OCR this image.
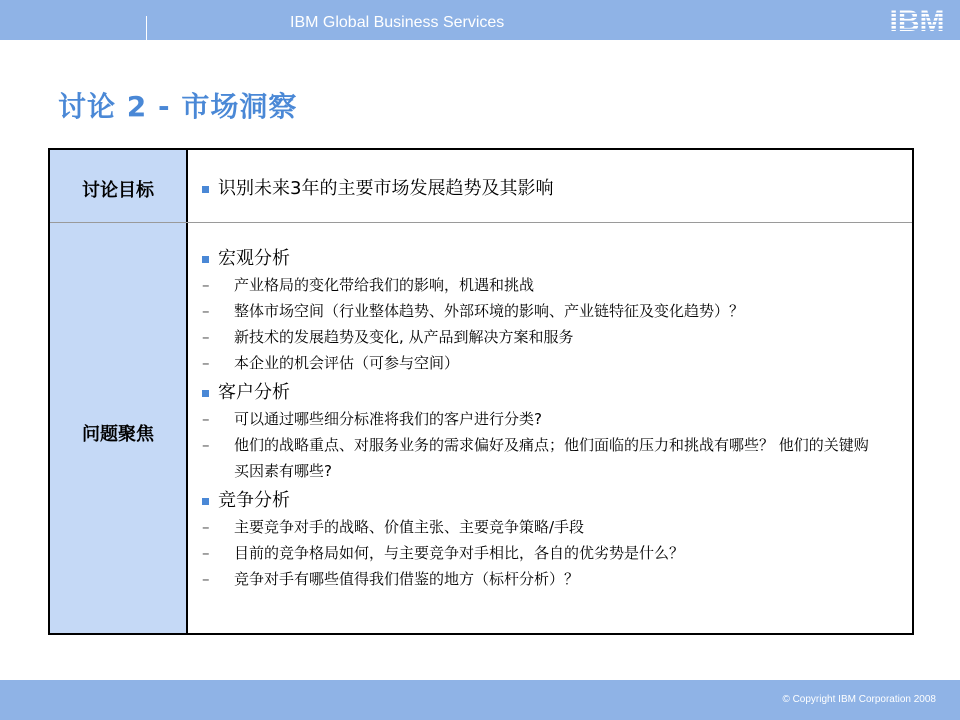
IBM Global Business Services	IBM
讨论 2 - 市场洞察
讨论目标
问题聚焦
识别未来3年的主要市场发展趋势及其影响
宏观分析
– 产业格局的变化带给我们的影响，机遇和挑战
– 整体市场空间（行业整体趋势、外部环境的影响、产业链特征及变化趋势）？
– 新技术的发展趋势及变化, 从产品到解决方案和服务
– 本企业的机会评估（可参与空间）
客户分析
– 可以通过哪些细分标准将我们的客户进行分类?
– 他们的战略重点、对服务业务的需求偏好及痛点；他们面临的压力和挑战有哪些？ 他们的关键购买因素有哪些?
竞争分析
– 主要竞争对手的战略、价值主张、主要竞争策略/手段
– 目前的竞争格局如何，与主要竞争对手相比，各自的优劣势是什么？
– 竞争对手有哪些值得我们借鉴的地方（标杆分析）？
© Copyright IBM Corporation 2008
